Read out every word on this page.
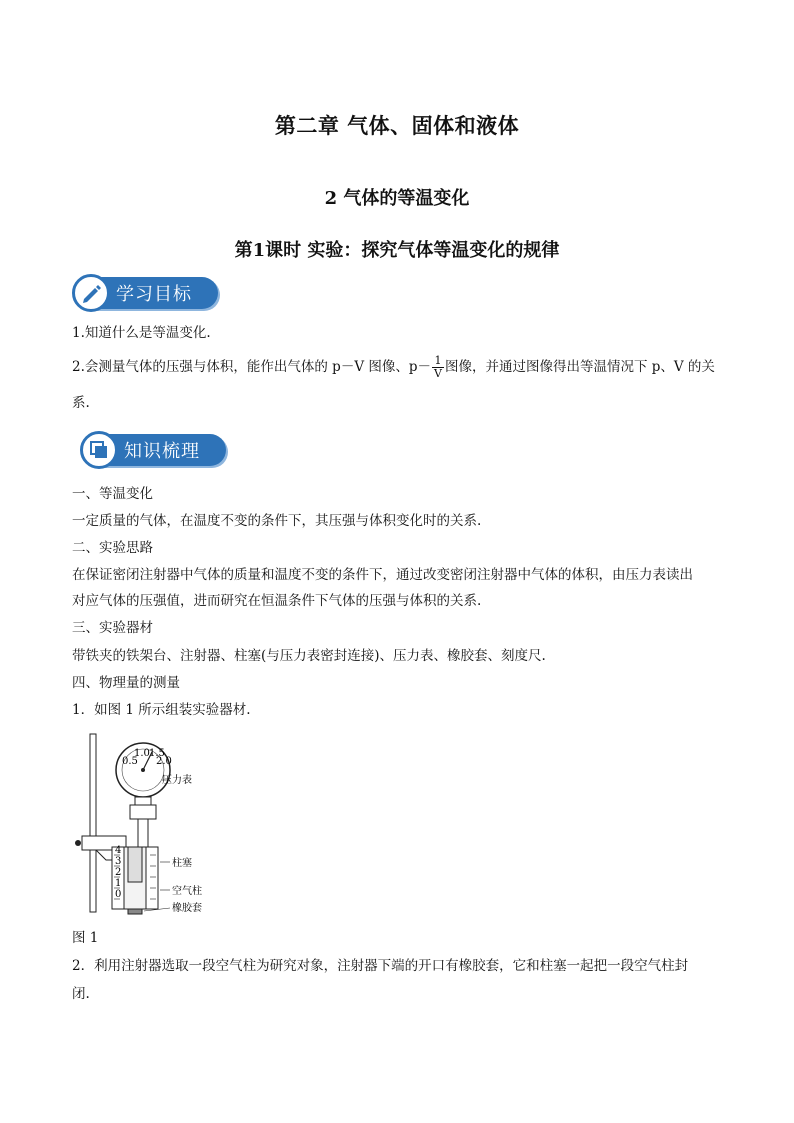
第二章 气体、固体和液体
2 气体的等温变化
第1课时 实验：探究气体等温变化的规律
学习目标
1.知道什么是等温变化.
2.会测量气体的压强与体积，能作出气体的 p－V 图像、$p- \frac{1}{V}$ 图像，并通过图像得出等温情况下 p、V 的关
系.
知识梳理
一、等温变化
一定质量的气体，在温度不变的条件下，其压强与体积变化时的关系.
二、实验思路
在保证密闭注射器中气体的质量和温度不变的条件下，通过改变密闭注射器中气体的体积，由压力表读出
对应气体的压强值，进而研究在恒温条件下气体的压强与体积的关系.
三、实验器材
带铁夹的铁架台、注射器、柱塞(与压力表密封连接)、压力表、橡胶套、刻度尺.
四、物理量的测量
1．如图 1 所示组装实验器材.
1.0 1.5
0.5 2.0
4
3
2
1
0
压力表
柱塞
空气柱
橡胶套
图 1
2．利用注射器选取一段空气柱为研究对象，注射器下端的开口有橡胶套，它和柱塞一起把一段空气柱封
闭.
